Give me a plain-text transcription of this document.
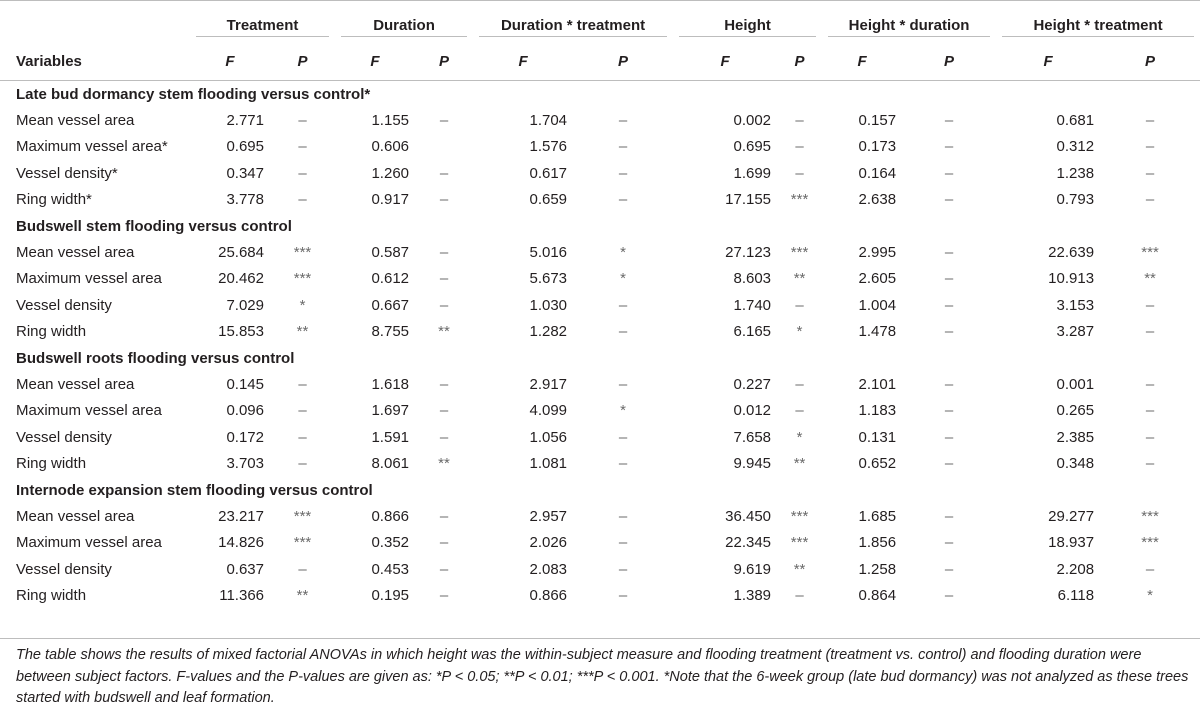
	Treatment		Duration		Duration * treatment		Height		Height * duration		Height * treatment	

Variables	F	P	F	P	F	P	F	P	F	P	F	P
Late bud dormancy stem flooding versus control*												
Mean vessel area	2.771	–	1.155	–	1.704	–	0.002	–	0.157	–	0.681	–
Maximum vessel area*	0.695	–	0.606		1.576	–	0.695	–	0.173	–	0.312	–
Vessel density*	0.347	–	1.260	–	0.617	–	1.699	–	0.164	–	1.238	–
Ring width*	3.778	–	0.917	–	0.659	–	17.155	***	2.638	–	0.793	–
Budswell stem flooding versus control												
Mean vessel area	25.684	***	0.587	–	5.016	*	27.123	***	2.995	–	22.639	***
Maximum vessel area	20.462	***	0.612	–	5.673	*	8.603	**	2.605	–	10.913	**
Vessel density	7.029	*	0.667	–	1.030	–	1.740	–	1.004	–	3.153	–
Ring width	15.853	**	8.755	**	1.282	–	6.165	*	1.478	–	3.287	–
Budswell roots flooding versus control												
Mean vessel area	0.145	–	1.618	–	2.917	–	0.227	–	2.101	–	0.001	–
Maximum vessel area	0.096	–	1.697	–	4.099	*	0.012	–	1.183	–	0.265	–
Vessel density	0.172	–	1.591	–	1.056	–	7.658	*	0.131	–	2.385	–
Ring width	3.703	–	8.061	**	1.081	–	9.945	**	0.652	–	0.348	–
Internode expansion stem flooding versus control												
Mean vessel area	23.217	***	0.866	–	2.957	–	36.450	***	1.685	–	29.277	***
Maximum vessel area	14.826	***	0.352	–	2.026	–	22.345	***	1.856	–	18.937	***
Vessel density	0.637	–	0.453	–	2.083	–	9.619	**	1.258	–	2.208	–
Ring width	11.366	**	0.195	–	0.866	–	1.389	–	0.864	–	6.118	*
The table shows the results of mixed factorial ANOVAs in which height was the within-subject measure and flooding treatment (treatment vs. control) and flooding duration were between subject factors. F-values and the P-values are given as: *P < 0.05; **P < 0.01; ***P < 0.001. *Note that the 6-week group (late bud dormancy) was not analyzed as these trees started with budswell and leaf formation.
